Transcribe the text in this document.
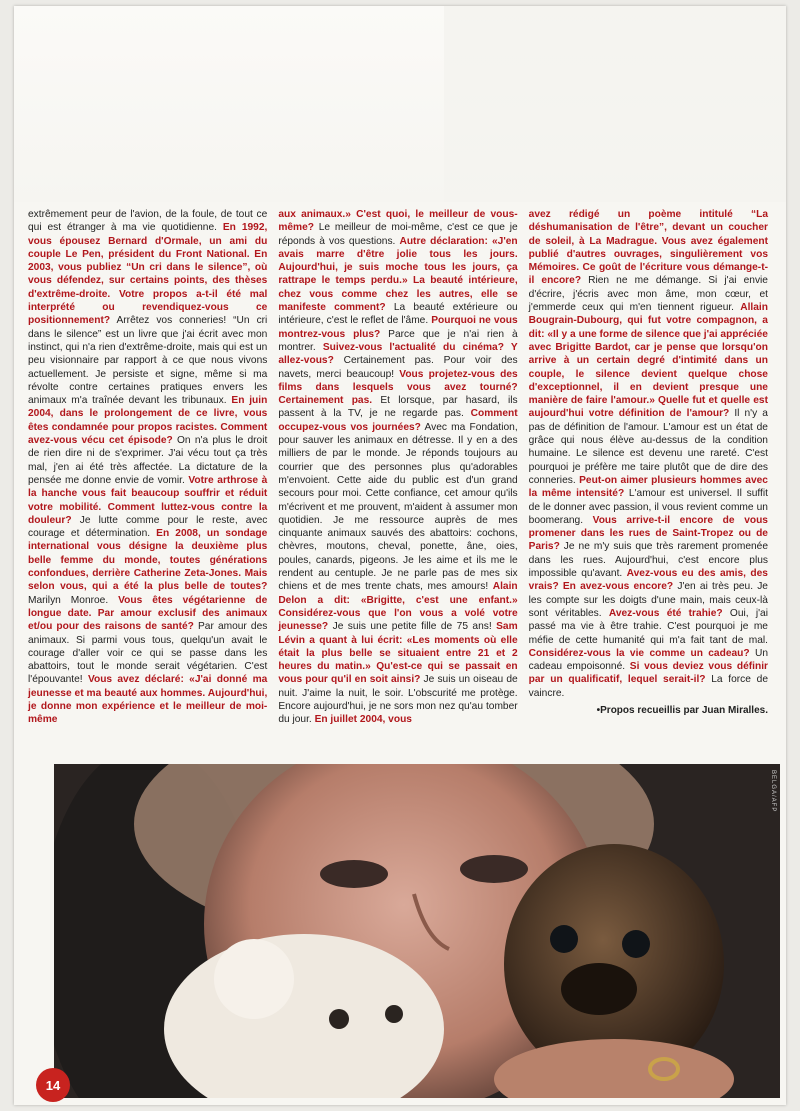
extrêmement peur de l'avion, de la foule, de tout ce qui est étranger à ma vie quotidienne. En 1992, vous épousez Bernard d'Ormale, un ami du couple Le Pen, président du Front National. En 2003, vous publiez “Un cri dans le silence”, où vous défendez, sur certains points, des thèses d'extrême-droite. Votre propos a-t-il été mal interprété ou revendiquez-vous ce positionnement? Arrêtez vos conneries! “Un cri dans le silence” est un livre que j'ai écrit avec mon instinct, qui n'a rien d'extrême-droite, mais qui est un peu visionnaire par rapport à ce que nous vivons actuellement. Je persiste et signe, même si ma révolte contre certaines pratiques envers les animaux m'a traînée devant les tribunaux. En juin 2004, dans le prolongement de ce livre, vous êtes condamnée pour propos racistes. Comment avez-vous vécu cet épisode? On n'a plus le droit de rien dire ni de s'exprimer. J'ai vécu tout ça très mal, j'en ai été très affectée. La dictature de la pensée me donne envie de vomir. Votre arthrose à la hanche vous fait beaucoup souffrir et réduit votre mobilité. Comment luttez-vous contre la douleur? Je lutte comme pour le reste, avec courage et détermination. En 2008, un sondage international vous désigne la deuxième plus belle femme du monde, toutes générations confondues, derrière Catherine Zeta-Jones. Mais selon vous, qui a été la plus belle de toutes? Marilyn Monroe. Vous êtes végétarienne de longue date. Par amour exclusif des animaux et/ou pour des raisons de santé? Par amour des animaux. Si parmi vous tous, quelqu'un avait le courage d'aller voir ce qui se passe dans les abattoirs, tout le monde serait végétarien. C'est l'épouvante! Vous avez déclaré: «J'ai donné ma jeunesse et ma beauté aux hommes. Aujourd'hui, je donne mon expérience et le meilleur de moi-même

aux animaux.» C'est quoi, le meilleur de vous-même? Le meilleur de moi-même, c'est ce que je réponds à vos questions. Autre déclaration: «J'en avais marre d'être jolie tous les jours. Aujourd'hui, je suis moche tous les jours, ça rattrape le temps perdu.» La beauté intérieure, chez vous comme chez les autres, elle se manifeste comment? La beauté extérieure ou intérieure, c'est le reflet de l'âme. Pourquoi ne vous montrez-vous plus? Parce que je n'ai rien à montrer. Suivez-vous l'actualité du cinéma? Y allez-vous? Certainement pas. Pour voir des navets, merci beaucoup! Vous projetez-vous des films dans lesquels vous avez tourné? Certainement pas. Et lorsque, par hasard, ils passent à la TV, je ne regarde pas. Comment occupez-vous vos journées? Avec ma Fondation, pour sauver les animaux en détresse. Il y en a des milliers de par le monde. Je réponds toujours au courrier que des personnes plus qu'adorables m'envoient. Cette aide du public est d'un grand secours pour moi. Cette confiance, cet amour qu'ils m'écrivent et me prouvent, m'aident à assumer mon quotidien. Je me ressource auprès de mes cinquante animaux sauvés des abattoirs: cochons, chèvres, moutons, cheval, ponette, âne, oies, poules, canards, pigeons. Je les aime et ils me le rendent au centuple. Je ne parle pas de mes six chiens et de mes trente chats, mes amours! Alain Delon a dit: «Brigitte, c'est une enfant.» Considérez-vous que l'on vous a volé votre jeunesse? Je suis une petite fille de 75 ans! Sam Lévin a quant à lui écrit: «Les moments où elle était la plus belle se situaient entre 21 et 2 heures du matin.» Qu'est-ce qui se passait en vous pour qu'il en soit ainsi? Je suis un oiseau de nuit. J'aime la nuit, le soir. L'obscurité me protège. Encore aujourd'hui, je ne sors mon nez qu'au tomber du jour. En juillet 2004, vous

avez rédigé un poème intitulé “La déshumanisation de l'être”, devant un coucher de soleil, à La Madrague. Vous avez également publié d'autres ouvrages, singulièrement vos Mémoires. Ce goût de l'écriture vous démange-t-il encore? Rien ne me démange. Si j'ai envie d'écrire, j'écris avec mon âme, mon cœur, et j'emmerde ceux qui m'en tiennent rigueur. Allain Bougrain-Dubourg, qui fut votre compagnon, a dit: «Il y a une forme de silence que j'ai appréciée avec Brigitte Bardot, car je pense que lorsqu'on arrive à un certain degré d'intimité dans un couple, le silence devient quelque chose d'exceptionnel, il en devient presque une manière de faire l'amour.» Quelle fut et quelle est aujourd'hui votre définition de l'amour? Il n'y a pas de définition de l'amour. L'amour est un état de grâce qui nous élève au-dessus de la condition humaine. Le silence est devenu une rareté. C'est pourquoi je préfère me taire plutôt que de dire des conneries. Peut-on aimer plusieurs hommes avec la même intensité? L'amour est universel. Il suffit de le donner avec passion, il vous revient comme un boomerang. Vous arrive-t-il encore de vous promener dans les rues de Saint-Tropez ou de Paris? Je ne m'y suis que très rarement promenée dans les rues. Aujourd'hui, c'est encore plus impossible qu'avant. Avez-vous eu des amis, des vrais? En avez-vous encore? J'en ai très peu. Je les compte sur les doigts d'une main, mais ceux-là sont véritables. Avez-vous été trahie? Oui, j'ai passé ma vie à être trahie. C'est pourquoi je me méfie de cette humanité qui m'a fait tant de mal. Considérez-vous la vie comme un cadeau? Un cadeau empoisonné. Si vous deviez vous définir par un qualificatif, lequel serait-il? La force de vaincre.

•Propos recueillis par Juan Miralles.
BELGA/AFP
14
